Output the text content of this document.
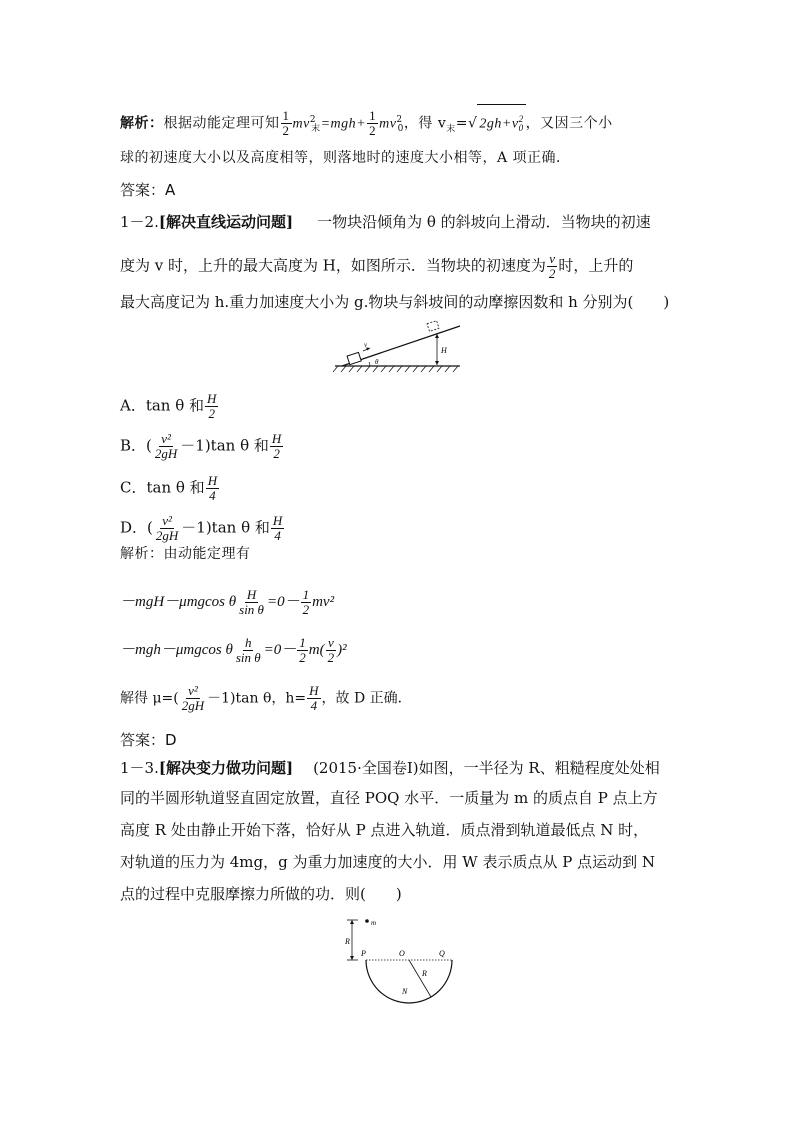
解析：根据动能定理可知 $\frac{1}{2} mv^2_末=mgh+ \frac{1}{2} mv^2_0$，得 $v_末=√$ $2gh+v^2_0$ ，又因三个小
球的初速度大小以及高度相等，则落地时的速度大小相等，A 项正确．
答案：A
1－2.[解决直线运动问题] 一物块沿倾角为 θ 的斜坡向上滑动．当物块的初速
度为 v 时，上升的最大高度为 H，如图所示．当物块的初速度为 $\frac{v}{2}$ 时，上升的
最大高度记为 h.重力加速度大小为 g.物块与斜坡间的动摩擦因数和 h 分别为(　　)
v
θ
H
A．tan θ 和 $\frac{H}{2}$
B．( $\frac{\text{v²}}{2gH} -1)\tan$ θ 和 $\frac{H}{2}$
C．tan θ 和 $\frac{H}{4}$
D．( $\frac{\text{v²}}{2gH} -1)\tan$ θ 和 $\frac{H}{4}$
解析：由动能定理有
－mgH－μmgcos θ $\frac{H}{\text{sin θ}} =0- \frac{1}{2} mv^2$
－mgh－μmgcos θ $\frac{h}{\text{sin θ}} =0- \frac{1}{2} m( \frac{v}{2} )^2$
解得 $\mu=( \frac{\text{v²}}{2gH} -1)\tan$ θ，$h= \frac{H}{4}$ ，故 D 正确．
答案：D
1－3.[解决变力做功问题] (2015·全国卷Ⅰ)如图，一半径为 R、粗糙程度处处相
同的半圆形轨道竖直固定放置，直径 POQ 水平．一质量为 m 的质点自 P 点上方
高度 R 处由静止开始下落，恰好从 P 点进入轨道．质点滑到轨道最低点 N 时，
对轨道的压力为 4mg，g 为重力加速度的大小．用 W 表示质点从 P 点运动到 N
点的过程中克服摩擦力所做的功．则(　　)
m
R
P	O	Q
R
N
